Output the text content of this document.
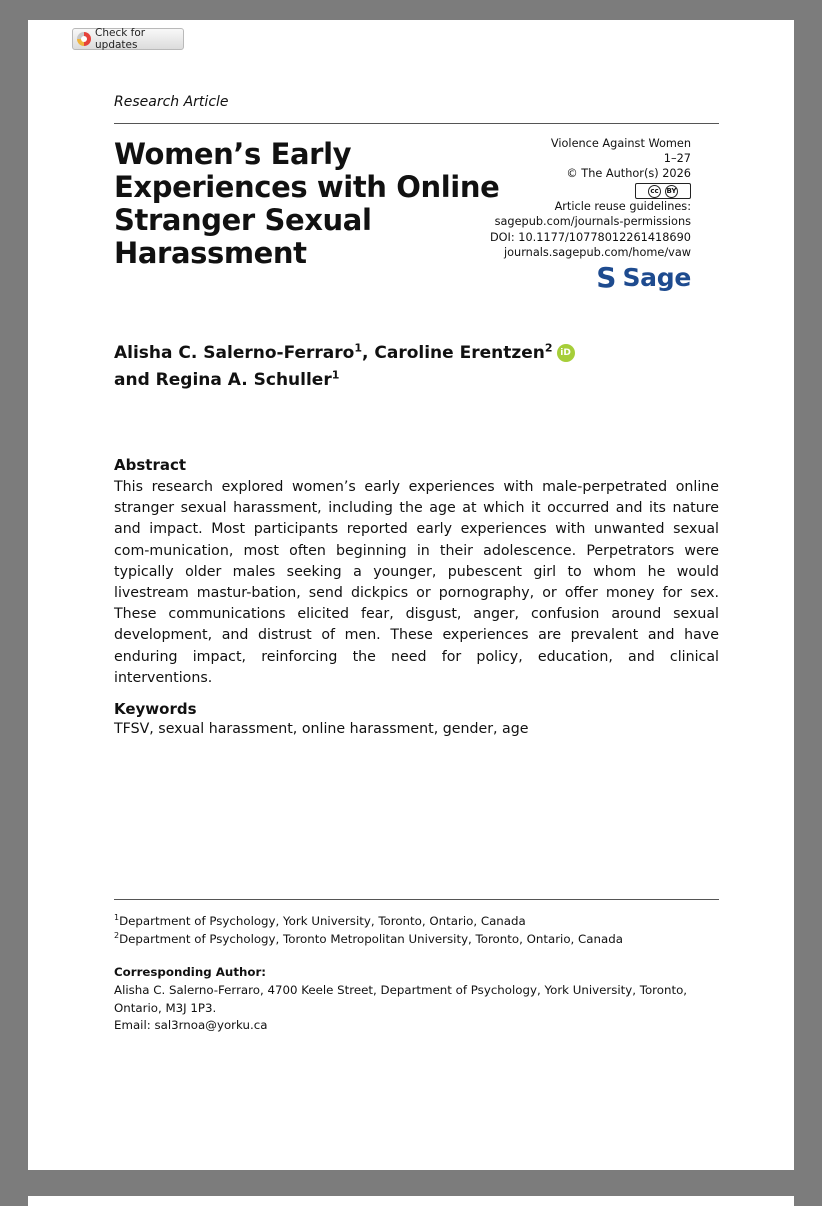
Check for updates
Research Article
Women’s Early
Experiences with Online
Stranger Sexual
Harassment
Violence Against Women
1–27
© The Author(s) 2026
cc	BY
Article reuse guidelines:
sagepub.com/journals-permissions
DOI: 10.1177/10778012261418690
journals.sagepub.com/home/vaw
S Sage
Alisha C. Salerno-Ferraro$^1$, Caroline Erentzen$^2$ iD
and Regina A. Schuller$^1$
Abstract

This research explored women’s early experiences with male-perpetrated online stranger sexual harassment, including the age at which it occurred and its nature and impact. Most participants reported early experiences with unwanted sexual com-munication, most often beginning in their adolescence. Perpetrators were typically older males seeking a younger, pubescent girl to whom he would livestream mastur-bation, send dickpics or pornography, or offer money for sex. These communications elicited fear, disgust, anger, confusion around sexual development, and distrust of men. These experiences are prevalent and have enduring impact, reinforcing the need for policy, education, and clinical interventions.

Keywords
TFSV, sexual harassment, online harassment, gender, age
$^1$Department of Psychology, York University, Toronto, Ontario, Canada
$^2$Department of Psychology, Toronto Metropolitan University, Toronto, Ontario, Canada
Corresponding Author:
Alisha C. Salerno-Ferraro, 4700 Keele Street, Department of Psychology, York University, Toronto, Ontario, M3J 1P3.
Email: sal3rnoa@yorku.ca
